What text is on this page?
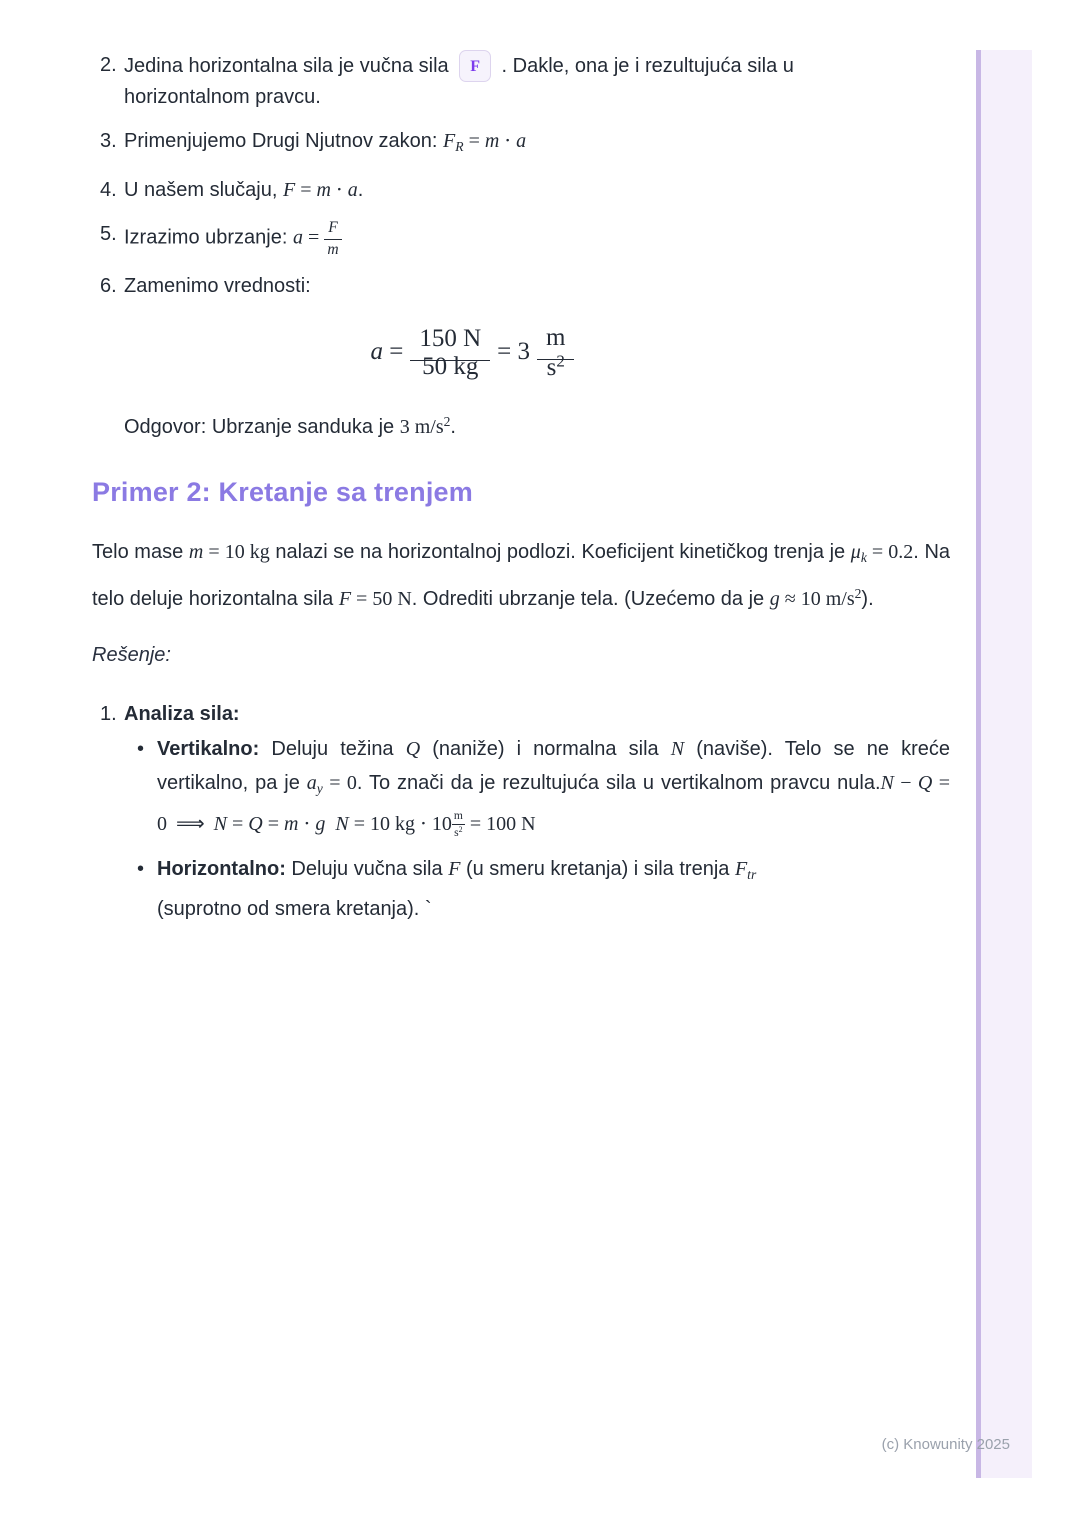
2. Jedina horizontalna sila je vučna sila F . Dakle, ona je i rezultujuća sila u
horizontalnom pravcu.
3. Primenjujemo Drugi Njutnov zakon: $F_R = m \cdot a$
4. U našem slučaju, F = m ⋅ a.
5. Izrazimo ubrzanje: $a = \frac{F}{m}$
6. Zamenimo vrednosti:
a = 150 N
50 kg= 3m
$s^2$

Odgovor: Ubrzanje sanduka je 3 $m/s^2$.

Primer 2: Kretanje sa trenjem

Telo mase m = 10 kg nalazi se na horizontalnoj podlozi. Koeficijent kinetičkog trenja je $\mu_k = 0.2$. Na telo deluje horizontalna sila F = 50 N. Odrediti ubrzanje tela. (Uzećemo da je g ≈ 10 $m/s^2$).

Rešenje:

1. Analiza sila:
• Vertikalno: Deluju težina Q (naniže) i normalna sila N (naviše). Telo se ne kreće vertikalno, pa je $a_y = 0$. To znači da je rezultujuća sila u vertikalnom pravcu nula.N − Q = 0 ⟹ N = Q = m ⋅ g N = 10 kg ⋅ $10 \frac{m}{s^2} = 100$ N
• Horizontalno: Deluju vučna sila F (u smeru kretanja) i sila trenja $F_{tr}$
(suprotno od smera kretanja). `
(c) Knowunity 2025
